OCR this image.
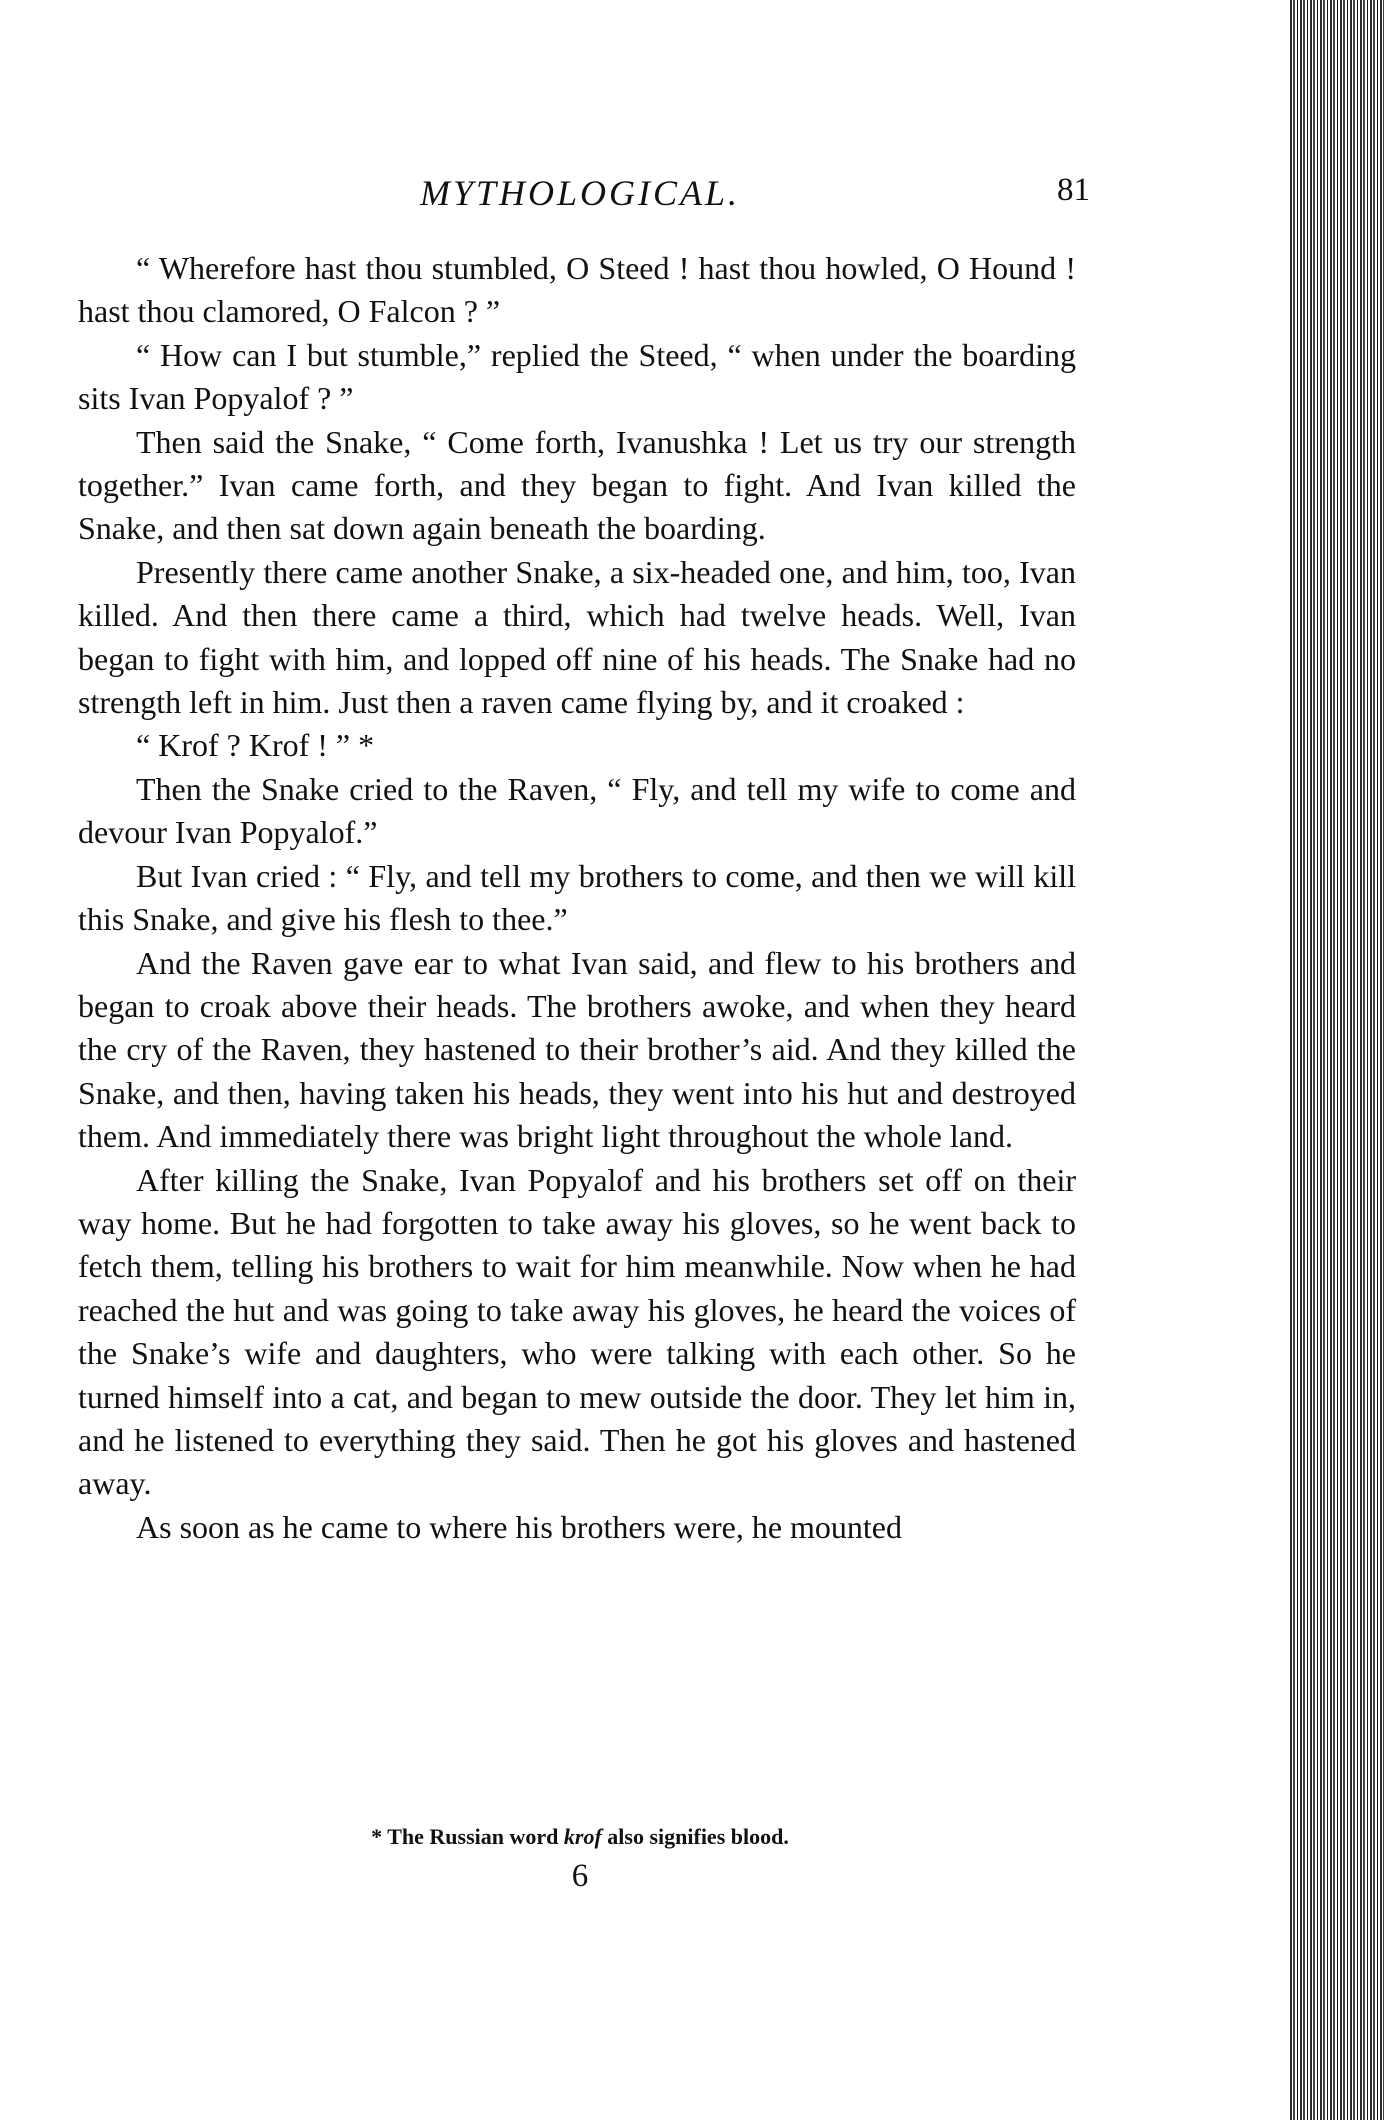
MYTHOLOGICAL.	81

“ Wherefore hast thou stumbled, O Steed ! hast thou howled, O Hound ! hast thou clamored, O Falcon ? ”

“ How can I but stumble,” replied the Steed, “ when under the boarding sits Ivan Popyalof ? ”

Then said the Snake, “ Come forth, Ivanushka ! Let us try our strength together.” Ivan came forth, and they began to fight. And Ivan killed the Snake, and then sat down again beneath the boarding.

Presently there came another Snake, a six-headed one, and him, too, Ivan killed. And then there came a third, which had twelve heads. Well, Ivan began to fight with him, and lopped off nine of his heads. The Snake had no strength left in him. Just then a raven came flying by, and it croaked :

“ Krof ? Krof ! ” *

Then the Snake cried to the Raven, “ Fly, and tell my wife to come and devour Ivan Popyalof.”

But Ivan cried : “ Fly, and tell my brothers to come, and then we will kill this Snake, and give his flesh to thee.”

And the Raven gave ear to what Ivan said, and flew to his brothers and began to croak above their heads. The brothers awoke, and when they heard the cry of the Raven, they hastened to their brother’s aid. And they killed the Snake, and then, having taken his heads, they went into his hut and destroyed them. And immediately there was bright light throughout the whole land.

After killing the Snake, Ivan Popyalof and his brothers set off on their way home. But he had forgotten to take away his gloves, so he went back to fetch them, telling his brothers to wait for him meanwhile. Now when he had reached the hut and was going to take away his gloves, he heard the voices of the Snake’s wife and daughters, who were talking with each other. So he turned himself into a cat, and began to mew outside the door. They let him in, and he listened to everything they said. Then he got his gloves and hastened away.

As soon as he came to where his brothers were, he mounted

* The Russian word krof also signifies blood.
6
